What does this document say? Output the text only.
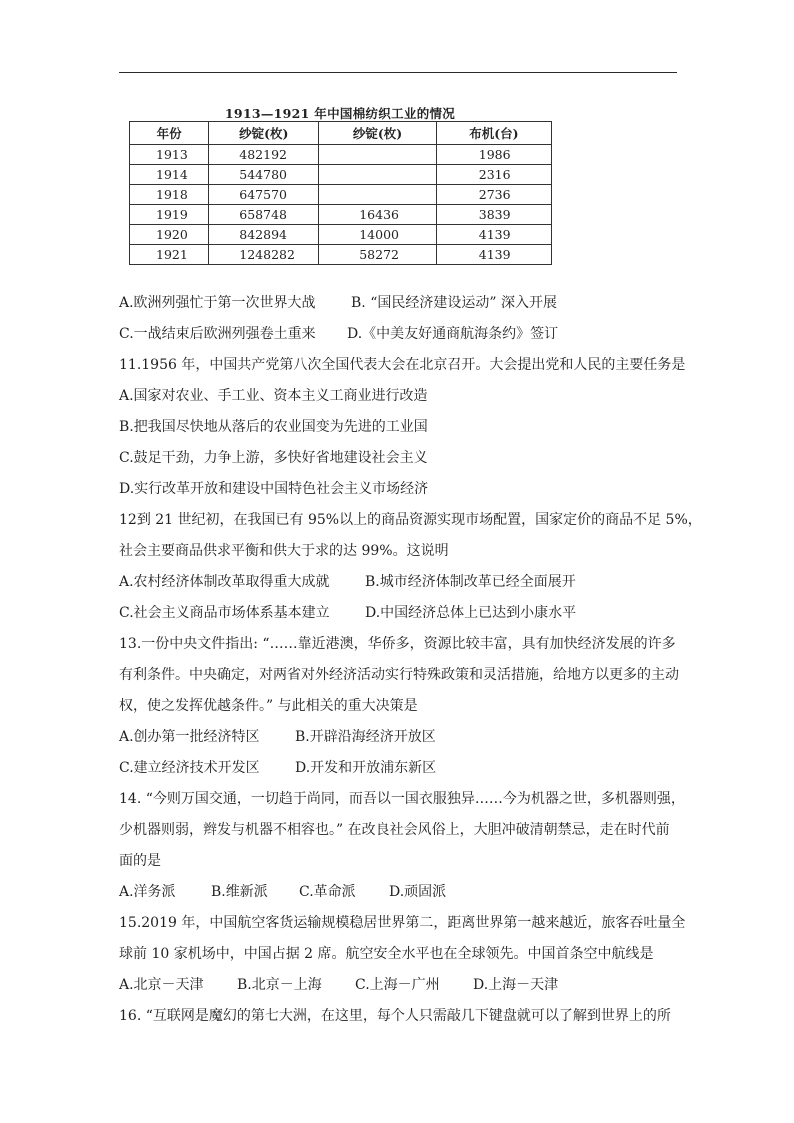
1913—1921 年中国棉纺织工业的情况
年份	纱锭(枚)	纱锭(枚)	布机(台)
1913	482192		1986
1914	544780		2316
1918	647570		2736
1919	658748	16436	3839
1920	842894	14000	4139
1921	1248282	58272	4139
A.欧洲列强忙于第一次世界大战	B. “国民经济建设运动” 深入开展
C.一战结束后欧洲列强卷土重来 D.《中美友好通商航海条约》签订
11.1956 年，中国共产党第八次全国代表大会在北京召开。大会提出党和人民的主要任务是
A.国家对农业、手工业、资本主义工商业进行改造
B.把我国尽快地从落后的农业国变为先进的工业国
C.鼓足干劲，力争上游，多快好省地建设社会主义
D.实行改革开放和建设中国特色社会主义市场经济
12到 21 世纪初，在我国已有 95%以上的商品资源实现市场配置，国家定价的商品不足 5%，
社会主要商品供求平衡和供大于求的达 99%。这说明
A.农村经济体制改革取得重大成就	B.城市经济体制改革已经全面展开
C.社会主义商品市场体系基本建立	D.中国经济总体上已达到小康水平
13.一份中央文件指出: “……靠近港澳，华侨多，资源比较丰富，具有加快经济发展的许多
有利条件。中央确定，对两省对外经济活动实行特殊政策和灵活措施，给地方以更多的主动
权，使之发挥优越条件。” 与此相关的重大决策是
A.创办第一批经济特区	B.开辟沿海经济开放区
C.建立经济技术开发区	D.开发和开放浦东新区
14. “今则万国交通，一切趋于尚同，而吾以一国衣服独异……今为机器之世，多机器则强，
少机器则弱，辫发与机器不相容也。” 在改良社会风俗上，大胆冲破清朝禁忌，走在时代前
面的是
A.洋务派	B.维新派 C.革命派 D.顽固派
15.2019 年，中国航空客货运输规模稳居世界第二，距离世界第一越来越近，旅客吞吐量全
球前 10 家机场中，中国占据 2 席。航空安全水平也在全球领先。中国首条空中航线是
A.北京－天津 B.北京－上海 C.上海－广州 D.上海－天津
16. “互联网是魔幻的第七大洲，在这里，每个人只需敲几下键盘就可以了解到世界上的所
